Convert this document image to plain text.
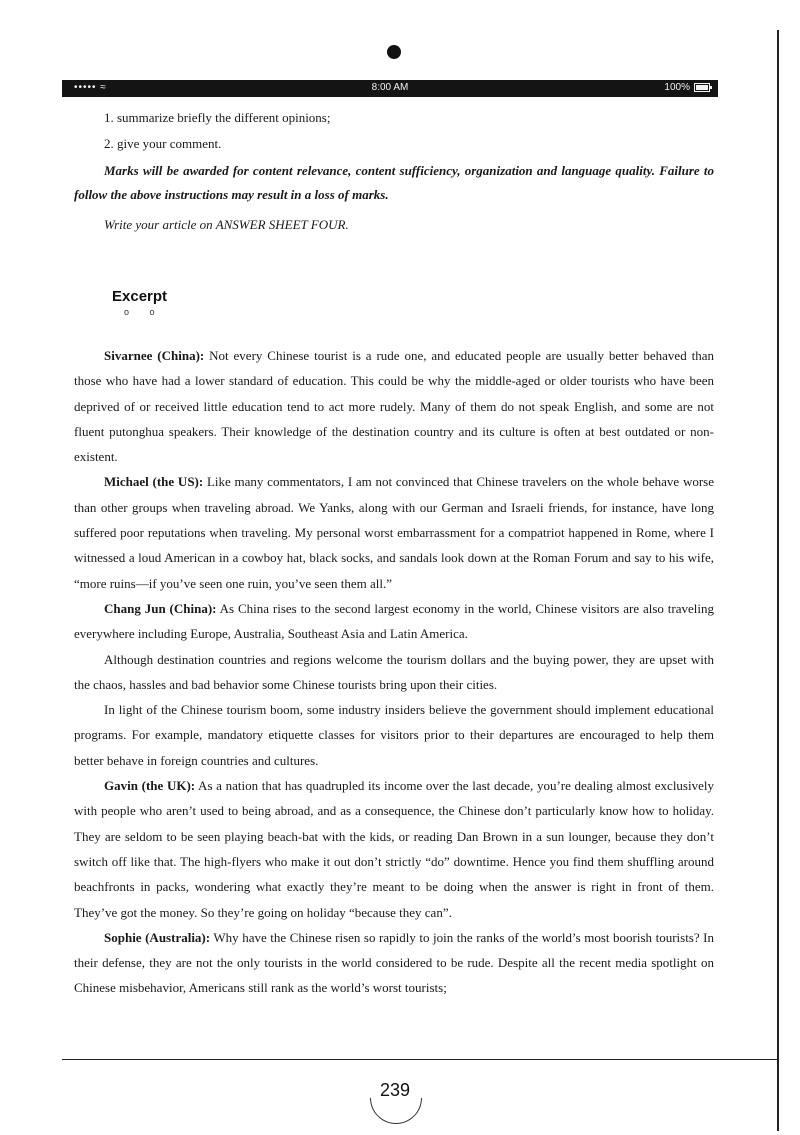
••••• ≈	8:00 AM	100%

1. summarize briefly the different opinions;

2. give your comment.

Marks will be awarded for content relevance, content sufficiency, organization and language quality. Failure to follow the above instructions may result in a loss of marks.

Write your article on ANSWER SHEET FOUR.

Excerpt
o o

Sivarnee (China): Not every Chinese tourist is a rude one, and educated people are usually better behaved than those who have had a lower standard of education. This could be why the middle-aged or older tourists who have been deprived of or received little education tend to act more rudely. Many of them do not speak English, and some are not fluent putonghua speakers. Their knowledge of the destination country and its culture is often at best outdated or non-existent.

Michael (the US): Like many commentators, I am not convinced that Chinese travelers on the whole behave worse than other groups when traveling abroad. We Yanks, along with our German and Israeli friends, for instance, have long suffered poor reputations when traveling. My personal worst embarrassment for a compatriot happened in Rome, where I witnessed a loud American in a cowboy hat, black socks, and sandals look down at the Roman Forum and say to his wife, “more ruins—if you’ve seen one ruin, you’ve seen them all.”

Chang Jun (China): As China rises to the second largest economy in the world, Chinese visitors are also traveling everywhere including Europe, Australia, Southeast Asia and Latin America.

Although destination countries and regions welcome the tourism dollars and the buying power, they are upset with the chaos, hassles and bad behavior some Chinese tourists bring upon their cities.

In light of the Chinese tourism boom, some industry insiders believe the government should implement educational programs. For example, mandatory etiquette classes for visitors prior to their departures are encouraged to help them better behave in foreign countries and cultures.

Gavin (the UK): As a nation that has quadrupled its income over the last decade, you’re dealing almost exclusively with people who aren’t used to being abroad, and as a consequence, the Chinese don’t particularly know how to holiday. They are seldom to be seen playing beach-bat with the kids, or reading Dan Brown in a sun lounger, because they don’t switch off like that. The high-flyers who make it out don’t strictly “do” downtime. Hence you find them shuffling around beachfronts in packs, wondering what exactly they’re meant to be doing when the answer is right in front of them. They’ve got the money. So they’re going on holiday “because they can”.

Sophie (Australia): Why have the Chinese risen so rapidly to join the ranks of the world’s most boorish tourists? In their defense, they are not the only tourists in the world considered to be rude. Despite all the recent media spotlight on Chinese misbehavior, Americans still rank as the world’s worst tourists;

239
